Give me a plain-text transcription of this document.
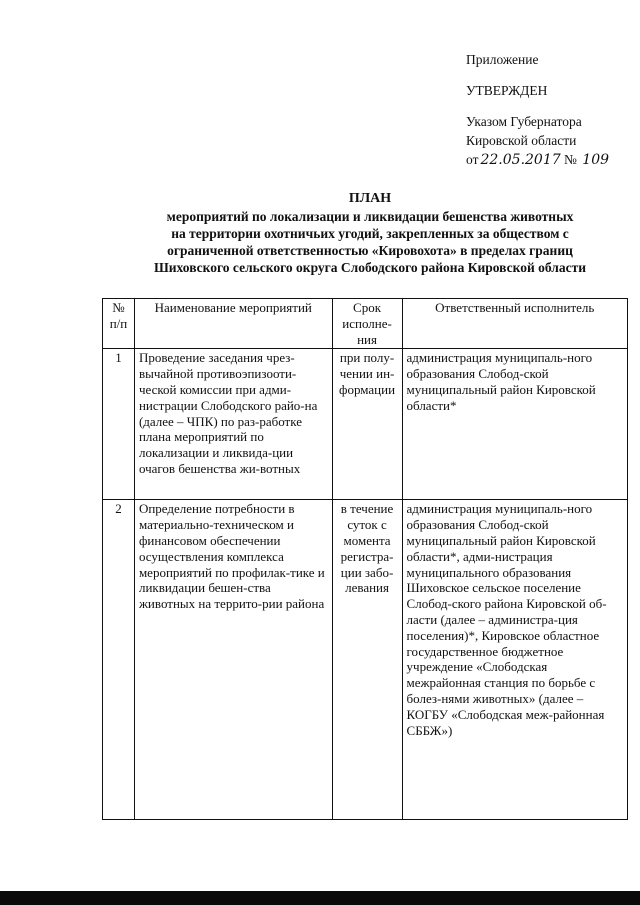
Приложение
УТВЕРЖДЕН
Указом Губернатора
Кировской области
от 22.05.2017 № 109
ПЛАН
мероприятий по локализации и ликвидации бешенства животных
на территории охотничьих угодий, закрепленных за обществом с
ограниченной ответственностью «Кировохота» в пределах границ
Шиховского сельского округа Слободского района Кировской области
№ п/п	Наименование мероприятий	Срок исполне-ния	Ответственный исполнитель
1	Проведение заседания чрез-вычайной противоэпизооти-ческой комиссии при адми-нистрации Слободского райо-на (далее – ЧПК) по раз-работке плана мероприятий по локализации и ликвида-ции очагов бешенства жи-вотных	при полу-чении ин-формации	администрация муниципаль-ного образования Слобод-ской муниципальный район Кировской области*
2	Определение потребности в материально-техническом и финансовом обеспечении осуществления комплекса мероприятий по профилак-тике и ликвидации бешен-ства животных на террито-рии района	в течение суток с момента регистра-ции забо-левания	администрация муниципаль-ного образования Слобод-ской муниципальный район Кировской области*, адми-нистрация муниципального образования Шиховское сельское поселение Слобод-ского района Кировской об-ласти (далее – администра-ция поселения)*, Кировское областное государственное бюджетное учреждение «Слободская межрайонная станция по борьбе с болез-нями животных» (далее – КОГБУ «Слободская меж-районная СББЖ»)
